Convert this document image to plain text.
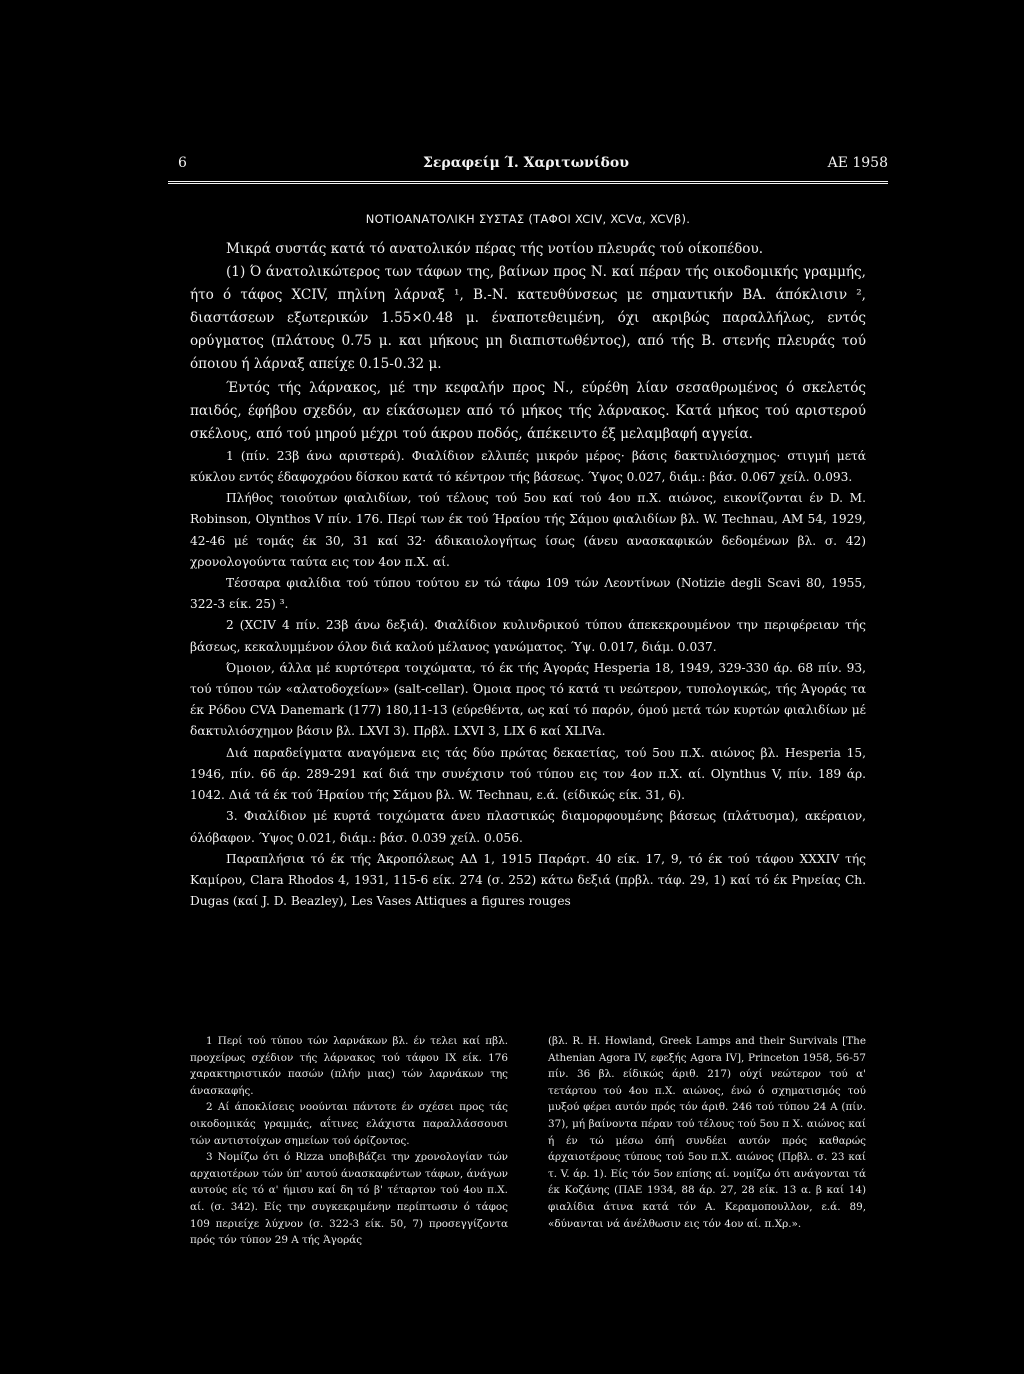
6	Σεραφείμ Ί. Χαριτωνίδου	ΑΕ 1958
ΝΟΤΙΟΑΝΑΤΟΛΙΚΗ ΣΥΣΤΑΣ (ΤΑΦΟΙ XCIV, XCVα, XCVβ).

Μικρά συστάς κατά τό ανατολικόν πέρας τής νοτίου πλευράς τού οίκοπέδου.

(1) Ό άνατολικώτερος των τάφων της, βαίνων προς Ν. καί πέραν τής οικοδομικής γραμμής, ήτο ό τάφος XCIV, πηλίνη λάρναξ ¹, Β.-Ν. κατευθύνσεως με σημαντικήν ΒΑ. άπόκλισιν ², διαστάσεων εξωτερικών 1.55×0.48 μ. έναποτεθειμένη, όχι ακριβώς παραλλήλως, εντός ορύγματος (πλάτους 0.75 μ. και μήκους μη διαπιστωθέντος), από τής Β. στενής πλευράς τού όποιου ή λάρναξ απείχε 0.15-0.32 μ.

Έντός τής λάρνακος, μέ την κεφαλήν προς Ν., εύρέθη λίαν σεσαθρωμένος ό σκελετός παιδός, έφήβου σχεδόν, αν είκάσωμεν από τό μήκος τής λάρνακος. Κατά μήκος τού αριστερού σκέλους, από τού μηρού μέχρι τού άκρου ποδός, άπέκειντο έξ μελαμβαφή αγγεία.

1 (πίν. 23β άνω αριστερά). Φιαλίδιον ελλιπές μικρόν μέρος· βάσις δακτυλιόσχημος· στιγμή μετά κύκλου εντός έδαφοχρόου δίσκου κατά τό κέντρον τής βάσεως. Ύψος 0.027, διάμ.: βάσ. 0.067 χείλ. 0.093.

Πλήθος τοιούτων φιαλιδίων, τού τέλους τού 5ου καί τού 4ου π.Χ. αιώνος, εικονίζονται έν D. M. Robinson, Olynthos V πίν. 176. Περί των έκ τού Ήραίου τής Σάμου φιαλιδίων βλ. W. Technau, AM 54, 1929, 42-46 μέ τομάς έκ 30, 31 καί 32· άδικαιολογήτως ίσως (άνευ ανασκαφικών δεδομένων βλ. σ. 42) χρονολογούντα ταύτα εις τον 4ον π.Χ. αί.

Τέσσαρα φιαλίδια τού τύπου τούτου εν τώ τάφω 109 τών Λεοντίνων (Notizie degli Scavi 80, 1955, 322-3 είκ. 25) ³.

2 (XCIV 4 πίν. 23β άνω δεξιά). Φιαλίδιον κυλινδρικού τύπου άπεκεκρουμένον την περιφέρειαν τής βάσεως, κεκαλυμμένον όλον διά καλού μέλανος γανώματος. Ύψ. 0.017, διάμ. 0.037.

Όμοιον, άλλα μέ κυρτότερα τοιχώματα, τό έκ τής Άγοράς Hesperia 18, 1949, 329-330 άρ. 68 πίν. 93, τού τύπου τών «αλατοδοχείων» (salt-cellar). Όμοια προς τό κατά τι νεώτερον, τυπολογικώς, τής Άγοράς τα έκ Ρόδου CVA Danemark (177) 180,11-13 (εύρεθέντα, ως καί τό παρόν, όμού μετά τών κυρτών φιαλιδίων μέ δακτυλιόσχημον βάσιν βλ. LXVI 3). Πρβλ. LXVI 3, LIX 6 καί XLIVa.

Διά παραδείγματα αναγόμενα εις τάς δύο πρώτας δεκαετίας, τού 5ου π.Χ. αιώνος βλ. Hesperia 15, 1946, πίν. 66 άρ. 289-291 καί διά την συνέχισιν τού τύπου εις τον 4ον π.Χ. αί. Olynthus V, πίν. 189 άρ. 1042. Διά τά έκ τού Ήραίου τής Σάμου βλ. W. Technau, ε.ά. (είδικώς είκ. 31, 6).

3. Φιαλίδιον μέ κυρτά τοιχώματα άνευ πλαστικώς διαμορφουμένης βάσεως (πλάτυσμα), ακέραιον, όλόβαφον. Ύψος 0.021, διάμ.: βάσ. 0.039 χείλ. 0.056.

Παραπλήσια τό έκ τής Άκροπόλεως ΑΔ 1, 1915 Παράρτ. 40 είκ. 17, 9, τό έκ τού τάφου XXXIV τής Καμίρου, Clara Rhodos 4, 1931, 115-6 είκ. 274 (σ. 252) κάτω δεξιά (πρβλ. τάφ. 29, 1) καί τό έκ Ρηνείας Ch. Dugas (καί J. D. Beazley), Les Vases Attiques a figures rouges

1 Περί τού τύπου τών λαρνάκων βλ. έν τελει καί πβλ. προχείρως σχέδιον τής λάρνακος τού τάφου IX είκ. 176 χαρακτηριστικόν πασών (πλήν μιας) τών λαρνάκων της άνασκαφής.

2 Αί άποκλίσεις νοούνται πάντοτε έν σχέσει προς τάς οικοδομικάς γραμμάς, αΐτινες ελάχιστα παραλλάσσουσι τών αντιστοίχων σημείων τού όρίζοντος.

3 Νομίζω ότι ό Rizza υποβιβάζει την χρονολογίαν τών αρχαιοτέρων τών ύπ' αυτού άνασκαφέντων τάφων, άνάγων αυτούς είς τό α' ήμισυ καί δη τό β' τέταρτον τού 4ου π.Χ. αί. (σ. 342). Είς την συγκεκριμένην περίπτωσιν ό τάφος 109 περιείχε λύχνον (σ. 322-3 είκ. 50, 7) προσεγγίζοντα πρός τόν τύπον 29 Α τής Άγοράς

(βλ. R. H. Howland, Greek Lamps and their Survivals [The Athenian Agora IV, εφεξής Agora IV], Princeton 1958, 56-57 πίν. 36 βλ. είδικώς άριθ. 217) ούχί νεώτερον τού α' τετάρτου τού 4ου π.Χ. αιώνος, ένώ ό σχηματισμός τού μυξού φέρει αυτόν πρός τόν άριθ. 246 τού τύπου 24 Α (πίν. 37), μή βαίνοντα πέραν τού τέλους τού 5ου π Χ. αιώνος καί ή έν τώ μέσω όπή συνδέει αυτόν πρός καθαρώς άρχαιοτέρους τύπους τού 5ου π.Χ. αιώνος (Πρβλ. σ. 23 καί τ. V. άρ. 1). Είς τόν 5ον επίσης αί. νομίζω ότι ανάγονται τά έκ Κοζάνης (ΠΑΕ 1934, 88 άρ. 27, 28 είκ. 13 α. β καί 14) φιαλίδια άτινα κατά τόν Α. Κεραμοπουλλον, ε.ά. 89, «δύνανται νά άνέλθωσιν εις τόν 4ον αί. π.Χρ.».
